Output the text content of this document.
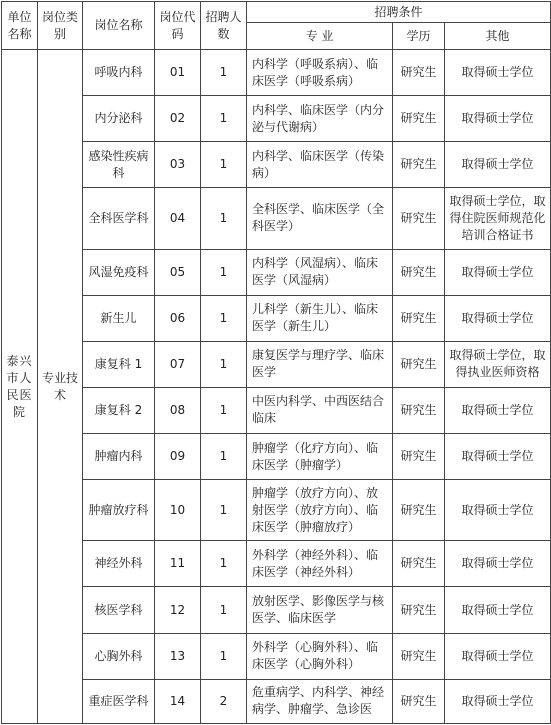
单位名称	岗位类别	岗位名称	岗位代码	招聘人数	招聘条件		
					专 业	学历	其他
泰兴市人民医院	专业技术	呼吸内科	01	1	内科学（呼吸系病）、临床医学（呼吸系病）	研究生	取得硕士学位
		内分泌科	02	1	内科学、临床医学（内分泌与代谢病）	研究生	取得硕士学位
		感染性疾病科	03	1	内科学、临床医学（传染病）	研究生	取得硕士学位
		全科医学科	04	1	全科医学、临床医学（全科医学）	研究生	取得硕士学位，取得住院医师规范化培训合格证书
		风湿免疫科	05	1	内科学（风湿病）、临床医学（风湿病）	研究生	取得硕士学位
		新生儿	06	1	儿科学（新生儿）、临床医学（新生儿）	研究生	取得硕士学位
		康复科 1	07	1	康复医学与理疗学、临床医学	研究生	取得硕士学位，取得执业医师资格
		康复科 2	08	1	中医内科学、中西医结合临床	研究生	取得硕士学位
		肿瘤内科	09	1	肿瘤学（化疗方向）、临床医学（肿瘤学）	研究生	取得硕士学位
		肿瘤放疗科	10	1	肿瘤学（放疗方向）、放射医学（放疗方向）、临床医学（肿瘤放疗）	研究生	取得硕士学位
		神经外科	11	1	外科学（神经外科）、临床医学（神经外科）	研究生	取得硕士学位
		核医学科	12	1	放射医学、影像医学与核医学、临床医学	研究生	取得硕士学位
		心胸外科	13	1	外科学（心胸外科）、临床医学（心胸外科）	研究生	取得硕士学位
		重症医学科	14	2	危重病学、内科学、神经病学、肿瘤学、急诊医	研究生	取得硕士学位
